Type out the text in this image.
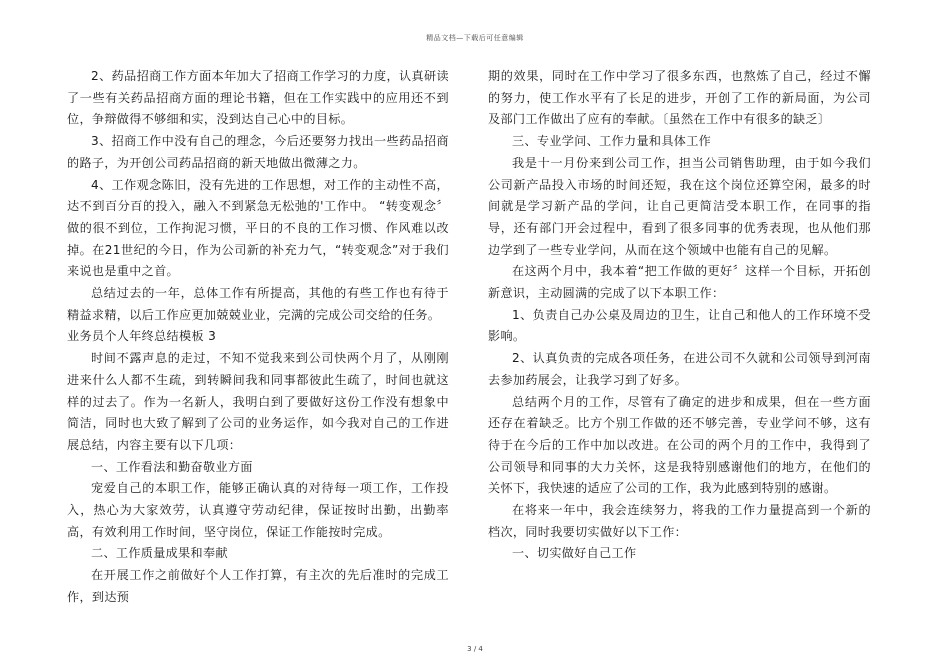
精品文档—下载后可任意编辑

2、药品招商工作方面本年加大了招商工作学习的力度，认真研读了一些有关药品招商方面的理论书籍，但在工作实践中的应用还不到位，争辩做得不够细和实，没到达自己心中的目标。

3、招商工作中没有自己的理念，今后还要努力找出一些药品招商的路子，为开创公司药品招商的新天地做出微薄之力。

4、工作观念陈旧，没有先进的工作思想，对工作的主动性不高，达不到百分百的投入，融入不到紧急无松弛的'工作中。 “转变观念〞做的很不到位，工作拘泥习惯，平日的不良的工作习惯、作风难以改掉。在21世纪的今日，作为公司新的补充力气，“转变观念”对于我们来说也是重中之首。

总结过去的一年，总体工作有所提高，其他的有些工作也有待于精益求精，以后工作应更加兢兢业业，完满的完成公司交给的任务。

业务员个人年终总结模板 3

时间不露声息的走过，不知不觉我来到公司快两个月了，从刚刚进来什么人都不生疏，到转瞬间我和同事都彼此生疏了，时间也就这样的过去了。作为一名新人，我明白到了要做好这份工作没有想象中简洁，同时也大致了解到了公司的业务运作，如今我对自己的工作进展总结，内容主要有以下几项：

一、工作看法和勤奋敬业方面

宠爱自己的本职工作，能够正确认真的对待每一项工作，工作投入，热心为大家效劳，认真遵守劳动纪律，保证按时出勤，出勤率高，有效利用工作时间，坚守岗位，保证工作能按时完成。

二、工作质量成果和奉献

在开展工作之前做好个人工作打算，有主次的先后准时的完成工作，到达预

期的效果，同时在工作中学习了很多东西，也熬炼了自己，经过不懈的努力，使工作水平有了长足的进步，开创了工作的新局面，为公司及部门工作做出了应有的奉献。〔虽然在工作中有很多的缺乏〕

三、专业学问、工作力量和具体工作

我是十一月份来到公司工作，担当公司销售助理，由于如今我们公司新产品投入市场的时间还短，我在这个岗位还算空闲，最多的时间就是学习新产品的学问，让自己更简洁受本职工作，在同事的指导，还有部门开会过程中，看到了很多同事的优秀表现，也从他们那边学到了一些专业学问，从而在这个领域中也能有自己的见解。

在这两个月中，我本着“把工作做的更好〞这样一个目标，开拓创新意识，主动圆满的完成了以下本职工作：

1、负责自己办公桌及周边的卫生，让自己和他人的工作环境不受影响。

2、认真负责的完成各项任务，在进公司不久就和公司领导到河南去参加药展会，让我学习到了好多。

总结两个月的工作，尽管有了确定的进步和成果，但在一些方面还存在着缺乏。比方个别工作做的还不够完善，专业学问不够，这有待于在今后的工作中加以改进。在公司的两个月的工作中，我得到了公司领导和同事的大力关怀，这是我特别感谢他们的地方，在他们的关怀下，我快速的适应了公司的工作，我为此感到特别的感谢。

在将来一年中，我会连续努力，将我的工作力量提高到一个新的档次，同时我要切实做好以下工作：

一、切实做好自己工作

3 / 4
